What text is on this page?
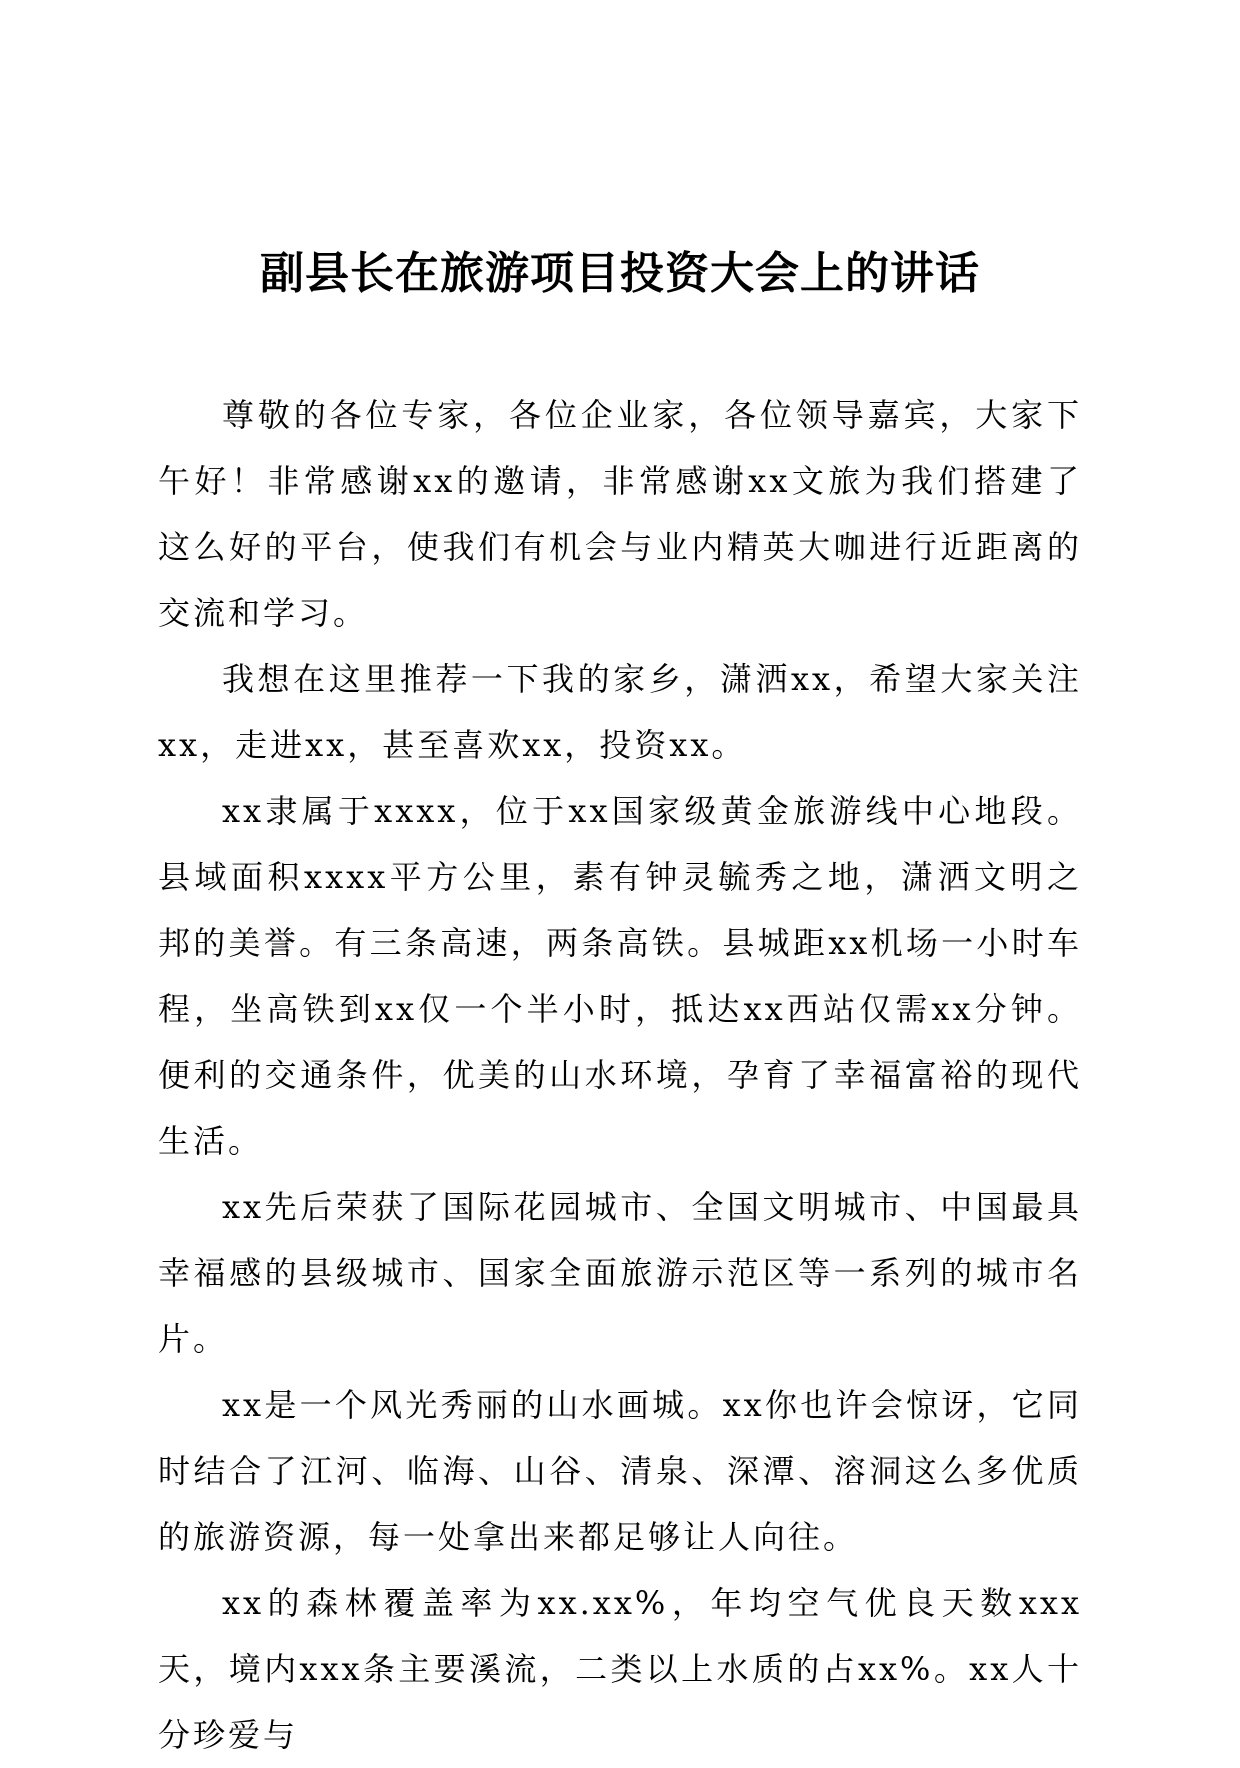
副县长在旅游项目投资大会上的讲话

尊敬的各位专家，各位企业家，各位领导嘉宾，大家下午好！非常感谢xx的邀请，非常感谢xx文旅为我们搭建了这么好的平台，使我们有机会与业内精英大咖进行近距离的交流和学习。

我想在这里推荐一下我的家乡，潇洒xx，希望大家关注xx，走进xx，甚至喜欢xx，投资xx。

xx隶属于xxxx，位于xx国家级黄金旅游线中心地段。县域面积xxxx平方公里，素有钟灵毓秀之地，潇洒文明之邦的美誉。有三条高速，两条高铁。县城距xx机场一小时车程，坐高铁到xx仅一个半小时，抵达xx西站仅需xx分钟。便利的交通条件，优美的山水环境，孕育了幸福富裕的现代生活。

xx先后荣获了国际花园城市、全国文明城市、中国最具幸福感的县级城市、国家全面旅游示范区等一系列的城市名片。

xx是一个风光秀丽的山水画城。xx你也许会惊讶，它同时结合了江河、临海、山谷、清泉、深潭、溶洞这么多优质的旅游资源，每一处拿出来都足够让人向往。

xx的森林覆盖率为xx.xx%，年均空气优良天数xxx天，境内xxx条主要溪流，二类以上水质的占xx%。xx人十分珍爱与
